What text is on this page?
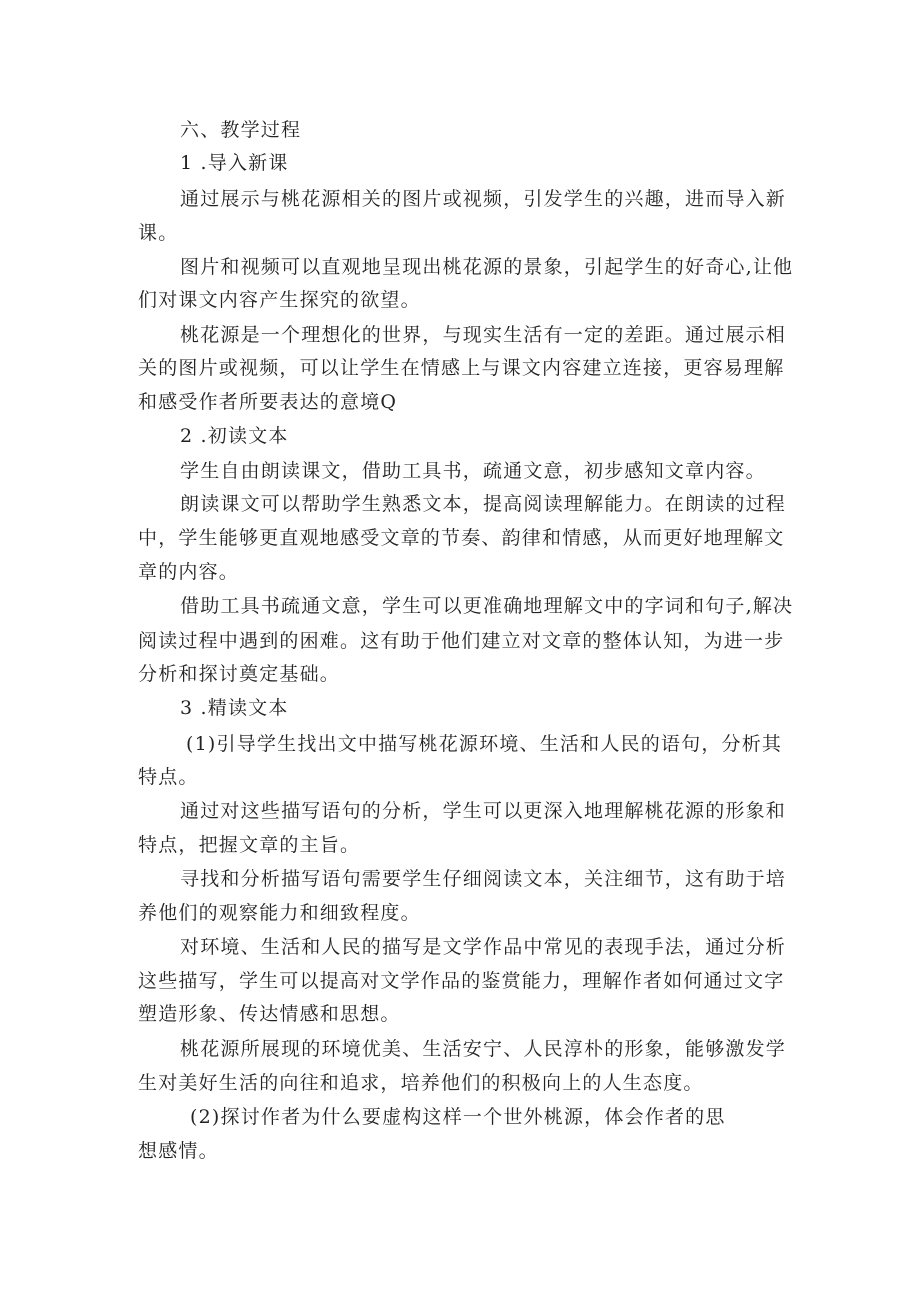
六、教学过程
1 .导入新课
通过展示与桃花源相关的图片或视频，引发学生的兴趣，进而导入新
课。
图片和视频可以直观地呈现出桃花源的景象，引起学生的好奇心,让他
们对课文内容产生探究的欲望。
桃花源是一个理想化的世界，与现实生活有一定的差距。通过展示相
关的图片或视频，可以让学生在情感上与课文内容建立连接，更容易理解
和感受作者所要表达的意境Q
2 .初读文本
学生自由朗读课文，借助工具书，疏通文意，初步感知文章内容。
朗读课文可以帮助学生熟悉文本，提高阅读理解能力。在朗读的过程
中，学生能够更直观地感受文章的节奏、韵律和情感，从而更好地理解文
章的内容。
借助工具书疏通文意，学生可以更准确地理解文中的字词和句子,解决
阅读过程中遇到的困难。这有助于他们建立对文章的整体认知，为进一步
分析和探讨奠定基础。
3 .精读文本
(1)引导学生找出文中描写桃花源环境、生活和人民的语句，分析其
特点。
通过对这些描写语句的分析，学生可以更深入地理解桃花源的形象和
特点，把握文章的主旨。
寻找和分析描写语句需要学生仔细阅读文本，关注细节，这有助于培
养他们的观察能力和细致程度。
对环境、生活和人民的描写是文学作品中常见的表现手法，通过分析
这些描写，学生可以提高对文学作品的鉴赏能力，理解作者如何通过文字
塑造形象、传达情感和思想。
桃花源所展现的环境优美、生活安宁、人民淳朴的形象，能够激发学
生对美好生活的向往和追求，培养他们的积极向上的人生态度。
(2)探讨作者为什么要虚构这样一个世外桃源，体会作者的思
想感情。
